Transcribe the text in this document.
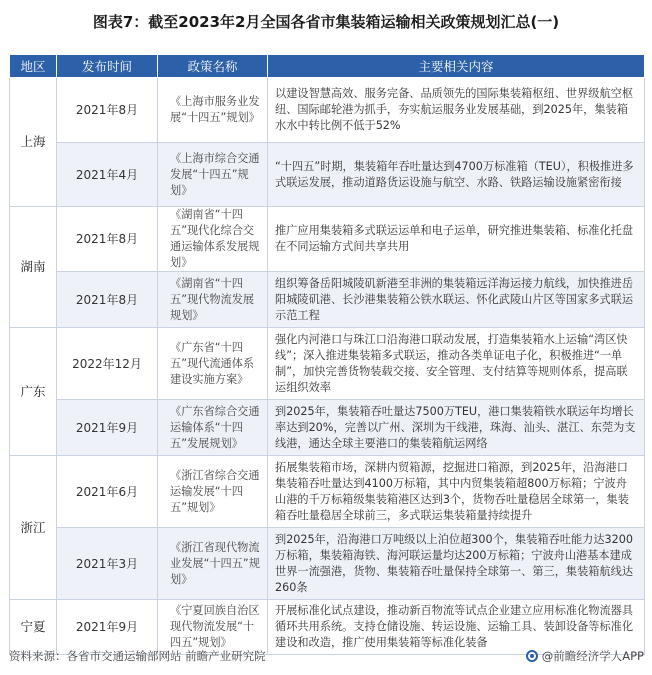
图表7：截至2023年2月全国各省市集装箱运输相关政策规划汇总(一)
地区	发布时间	政策名称	主要相关内容
上海	2021年8月	《上海市服务业发展“十四五”规划》	以建设智慧高效、服务完备、品质领先的国际集装箱枢纽、世界级航空枢纽、国际邮轮港为抓手，夯实航运服务业发展基础，到2025年，集装箱水水中转比例不低于52%
	2021年4月	《上海市综合交通发展“十四五”规划》	“十四五”时期，集装箱年吞吐量达到4700万标准箱（TEU），积极推进多式联运发展，推动道路货运设施与航空、水路、铁路运输设施紧密衔接
湖南	2021年8月	《湖南省“十四五”现代化综合交通运输体系发展规划》	推广应用集装箱多式联运运单和电子运单，研究推进集装箱、标准化托盘在不同运输方式间共享共用
	2021年8月	《湖南省“十四五”现代物流发展规划》	组织筹备岳阳城陵矶新港至非洲的集装箱远洋海运接力航线，加快推进岳阳城陵矶港、长沙港集装箱公铁水联运、怀化武陵山片区等国家多式联运示范工程
广东	2022年12月	《广东省“十四五”现代流通体系建设实施方案》	强化内河港口与珠江口沿海港口联动发展，打造集装箱水上运输“湾区快线”；深入推进集装箱多式联运，推动各类单证电子化，积极推进“一单制”，加快完善货物装载交接、安全管理、支付结算等规则体系，提高联运组织效率
	2021年9月	《广东省综合交通运输体系“十四五”发展规划》	到2025年，集装箱吞吐量达7500万TEU，港口集装箱铁水联运年均增长率达到20%，完善以广州、深圳为干线港，珠海、汕头、湛江、东莞为支线港，通达全球主要港口的集装箱航运网络
浙江	2021年6月	《浙江省综合交通运输发展“十四五”规划》	拓展集装箱市场，深耕内贸箱源，挖掘进口箱源，到2025年，沿海港口集装箱吞吐量达到4100万标箱，其中内贸集装箱超800万标箱；宁波舟山港的千万标箱级集装箱港区达到3个，货物吞吐量稳居全球第一，集装箱吞吐量稳居全球前三，多式联运集装箱量持续提升
	2021年3月	《浙江省现代物流业发展“十四五”规划》	到2025年，沿海港口万吨级以上泊位超300个，集装箱吞吐能力达3200万标箱，集装箱海铁、海河联运量均达200万标箱；宁波舟山港基本建成世界一流强港，货物、集装箱吞吐量保持全球第一、第三，集装箱航线达260条
宁夏	2021年9月	《宁夏回族自治区现代物流发展“十四五”规划》	开展标准化试点建设，推动新百物流等试点企业建立应用标准化物流器具循环共用系统。支持仓储设施、转运设施、运输工具、装卸设备等标准化建设和改造，推广使用集装箱等标准化装备
资料来源：各省市交通运输部网站 前瞻产业研究院	@前瞻经济学人APP
